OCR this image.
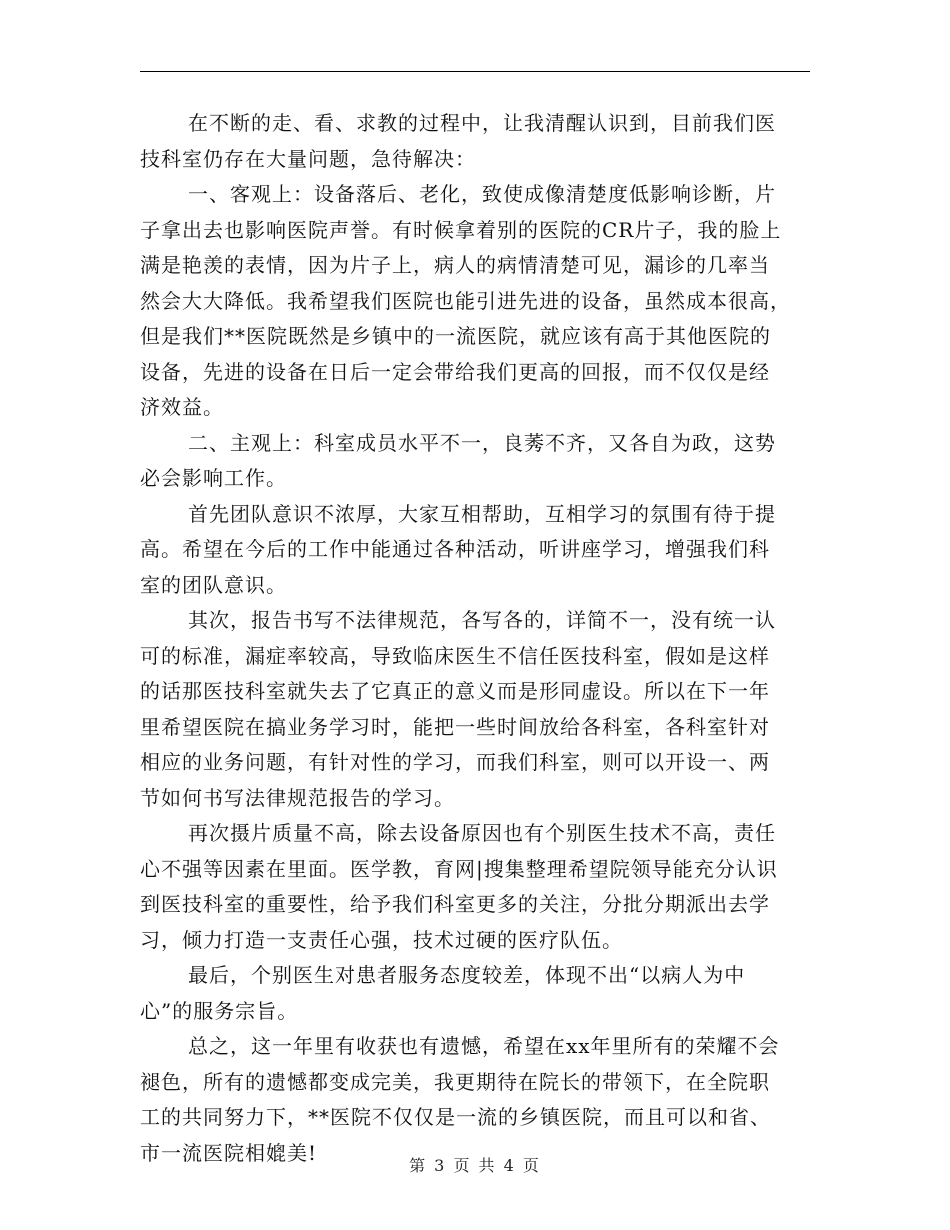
在不断的走、看、求教的过程中，让我清醒认识到，目前我们医
技科室仍存在大量问题，急待解决：
一、客观上：设备落后、老化，致使成像清楚度低影响诊断，片
子拿出去也影响医院声誉。有时候拿着别的医院的CR片子，我的脸上
满是艳羡的表情，因为片子上，病人的病情清楚可见，漏诊的几率当
然会大大降低。我希望我们医院也能引进先进的设备，虽然成本很高，
但是我们**医院既然是乡镇中的一流医院，就应该有高于其他医院的
设备，先进的设备在日后一定会带给我们更高的回报，而不仅仅是经
济效益。
二、主观上：科室成员水平不一，良莠不齐，又各自为政，这势
必会影响工作。
首先团队意识不浓厚，大家互相帮助，互相学习的氛围有待于提
高。希望在今后的工作中能通过各种活动，听讲座学习，增强我们科
室的团队意识。
其次，报告书写不法律规范，各写各的，详简不一，没有统一认
可的标准，漏症率较高，导致临床医生不信任医技科室，假如是这样
的话那医技科室就失去了它真正的意义而是形同虚设。所以在下一年
里希望医院在搞业务学习时，能把一些时间放给各科室，各科室针对
相应的业务问题，有针对性的学习，而我们科室，则可以开设一、两
节如何书写法律规范报告的学习。
再次摄片质量不高，除去设备原因也有个别医生技术不高，责任
心不强等因素在里面。医学教，育网|搜集整理希望院领导能充分认识
到医技科室的重要性，给予我们科室更多的关注，分批分期派出去学
习，倾力打造一支责任心强，技术过硬的医疗队伍。
最后，个别医生对患者服务态度较差，体现不出“以病人为中
心”的服务宗旨。
总之，这一年里有收获也有遗憾，希望在xx年里所有的荣耀不会
褪色，所有的遗憾都变成完美，我更期待在院长的带领下，在全院职
工的共同努力下，**医院不仅仅是一流的乡镇医院，而且可以和省、
市一流医院相媲美!
第 3 页 共 4 页
